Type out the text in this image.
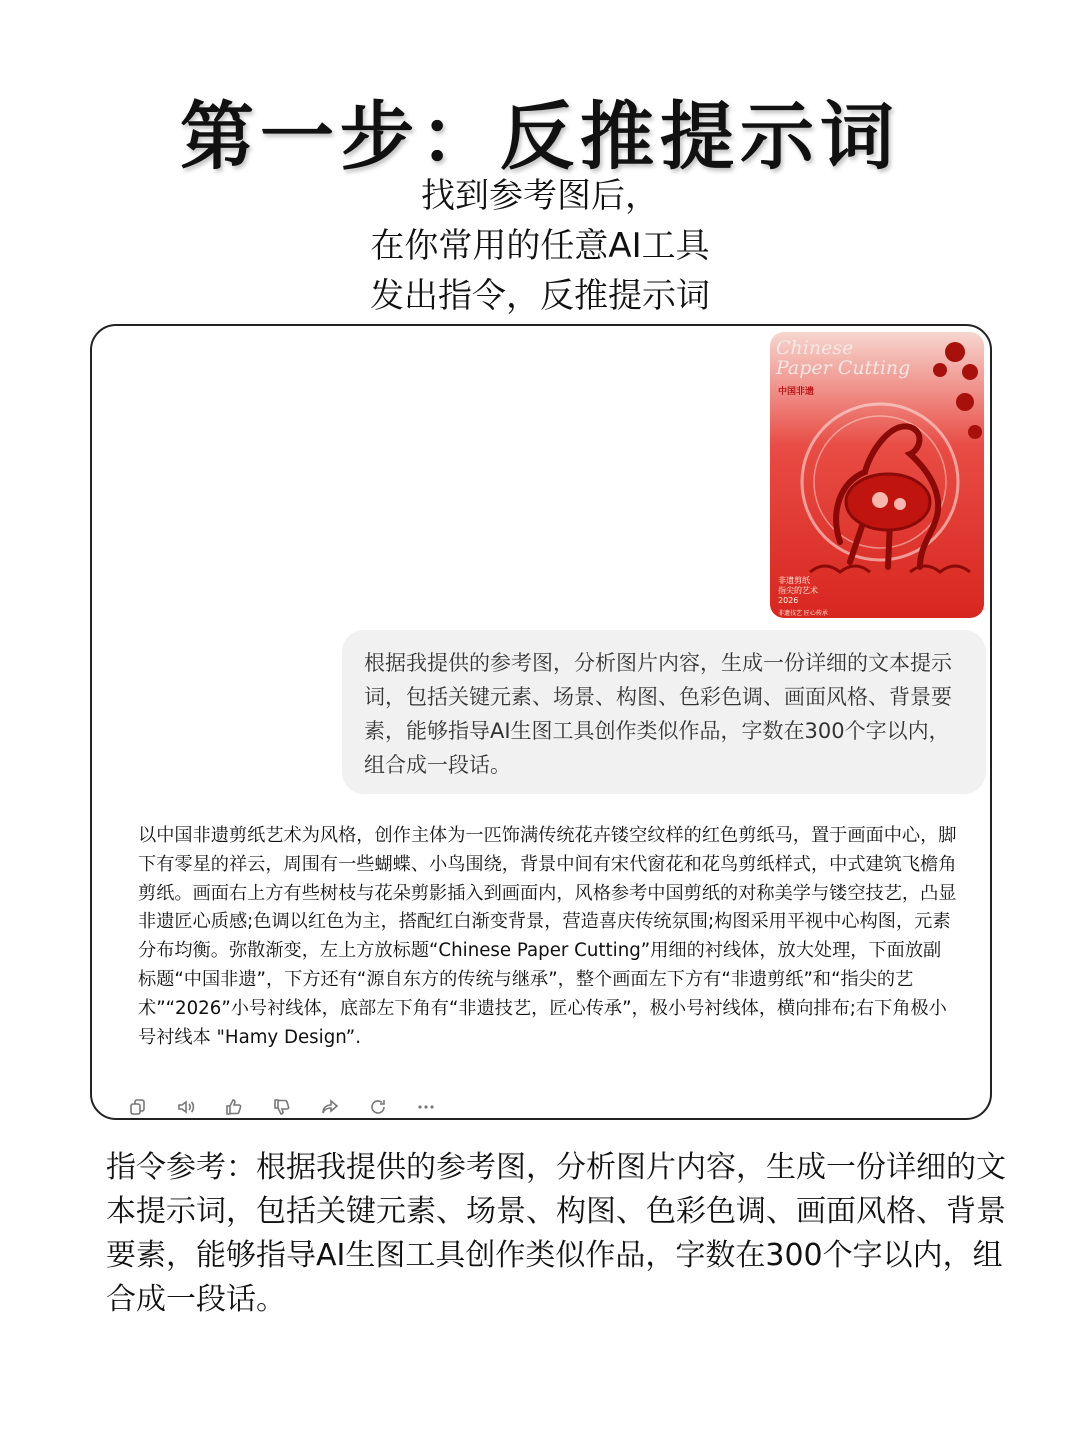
第一步：反推提示词
找到参考图后，
在你常用的任意AI工具
发出指令，反推提示词
Chinese
Paper Cutting
中国非遗
非遗剪纸
指尖的艺术
2026
非遗技艺 匠心传承
根据我提供的参考图，分析图片内容，生成一份详细的文本提示词，包括关键元素、场景、构图、色彩色调、画面风格、背景要素，能够指导AI生图工具创作类似作品，字数在300个字以内，组合成一段话。
以中国非遗剪纸艺术为风格，创作主体为一匹饰满传统花卉镂空纹样的红色剪纸马，置于画面中心，脚下有零星的祥云，周围有一些蝴蝶、小鸟围绕，背景中间有宋代窗花和花鸟剪纸样式，中式建筑飞檐角剪纸。画面右上方有些树枝与花朵剪影插入到画面内，风格参考中国剪纸的对称美学与镂空技艺，凸显非遗匠心质感;色调以红色为主，搭配红白渐变背景，营造喜庆传统氛围;构图采用平视中心构图，元素分布均衡。弥散渐变，左上方放标题“Chinese Paper Cutting”用细的衬线体，放大处理，下面放副标题“中国非遗”，下方还有“源自东方的传统与继承”，整个画面左下方有“非遗剪纸”和“指尖的艺术”“2026”小号衬线体，底部左下角有“非遗技艺，匠心传承”，极小号衬线体，横向排布;右下角极小号衬线本 "Hamy Design”.
指令参考：根据我提供的参考图，分析图片内容，生成一份详细的文本提示词，包括关键元素、场景、构图、色彩色调、画面风格、背景要素，能够指导AI生图工具创作类似作品，字数在300个字以内，组合成一段话。
